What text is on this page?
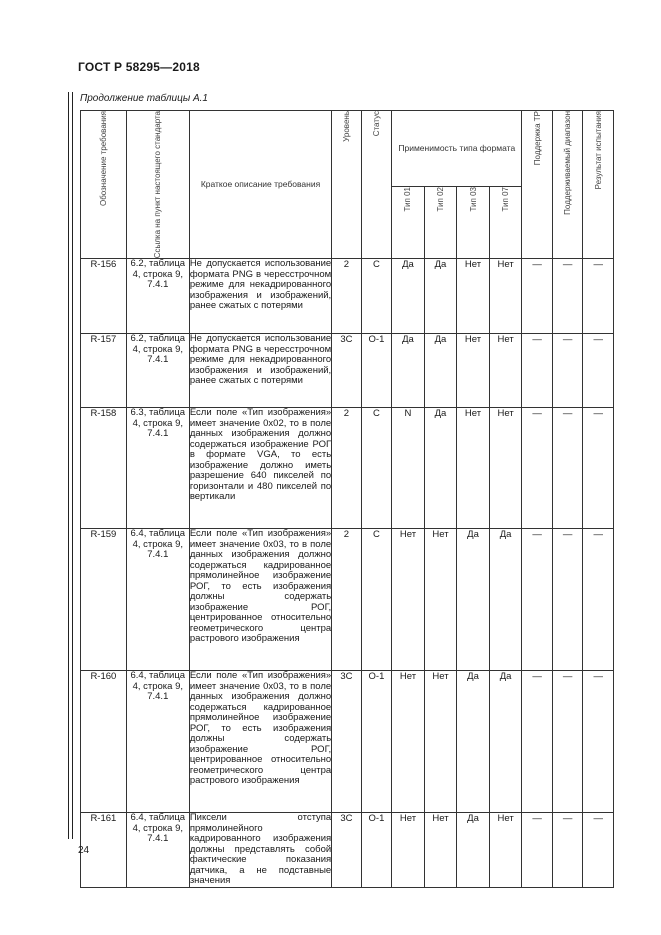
ГОСТ Р 58295—2018
Продолжение таблицы А.1
Обозначение требования	Ссылка на пункт настоящего стандарта	Краткое описание требования	Уровень	Статус	Применимость типа формата				Поддержка ТР	Поддерживаемый диапазон	Результат испытания

					Тип 01	Тип 02	Тип 03	Тип 07			

R-156	6.2, таблица 4, строка 9, 7.4.1	Не допускается использование формата PNG в чересстрочном режиме для некадрированного изображения и изображений, ранее сжатых с потерями	2	С	Да	Да	Нет	Нет	—	—	—
R-157	6.2, таблица 4, строка 9, 7.4.1	Не допускается использование формата PNG в чересстрочном режиме для некадрированного изображения и изображений, ранее сжатых с потерями	3С	О-1	Да	Да	Нет	Нет	—	—	—
R-158	6.3, таблица 4, строка 9, 7.4.1	Если поле «Тип изображения» имеет значение 0x02, то в поле данных изображения должно содержаться изображение РОГ в формате VGA, то есть изображение должно иметь разрешение 640 пикселей по горизонтали и 480 пикселей по вертикали	2	С	N	Да	Нет	Нет	—	—	—
R-159	6.4, таблица 4, строка 9, 7.4.1	Если поле «Тип изображения» имеет значение 0x03, то в поле данных изображения должно содержаться кадрированное прямолинейное изображение РОГ, то есть изображения должны содержать изображение РОГ, центрированное относительно геометрического центра растрового изображения	2	С	Нет	Нет	Да	Да	—	—	—
R-160	6.4, таблица 4, строка 9, 7.4.1	Если поле «Тип изображения» имеет значение 0x03, то в поле данных изображения должно содержаться кадрированное прямолинейное изображение РОГ, то есть изображения должны содержать изображение РОГ, центрированное относительно геометрического центра растрового изображения	3С	О-1	Нет	Нет	Да	Да	—	—	—
R-161	6.4, таблица 4, строка 9, 7.4.1	Пиксели отступа прямолинейного кадрированного изображения должны представлять собой фактические показания датчика, а не подставные значения	3С	О-1	Нет	Нет	Да	Нет	—	—	—
24
